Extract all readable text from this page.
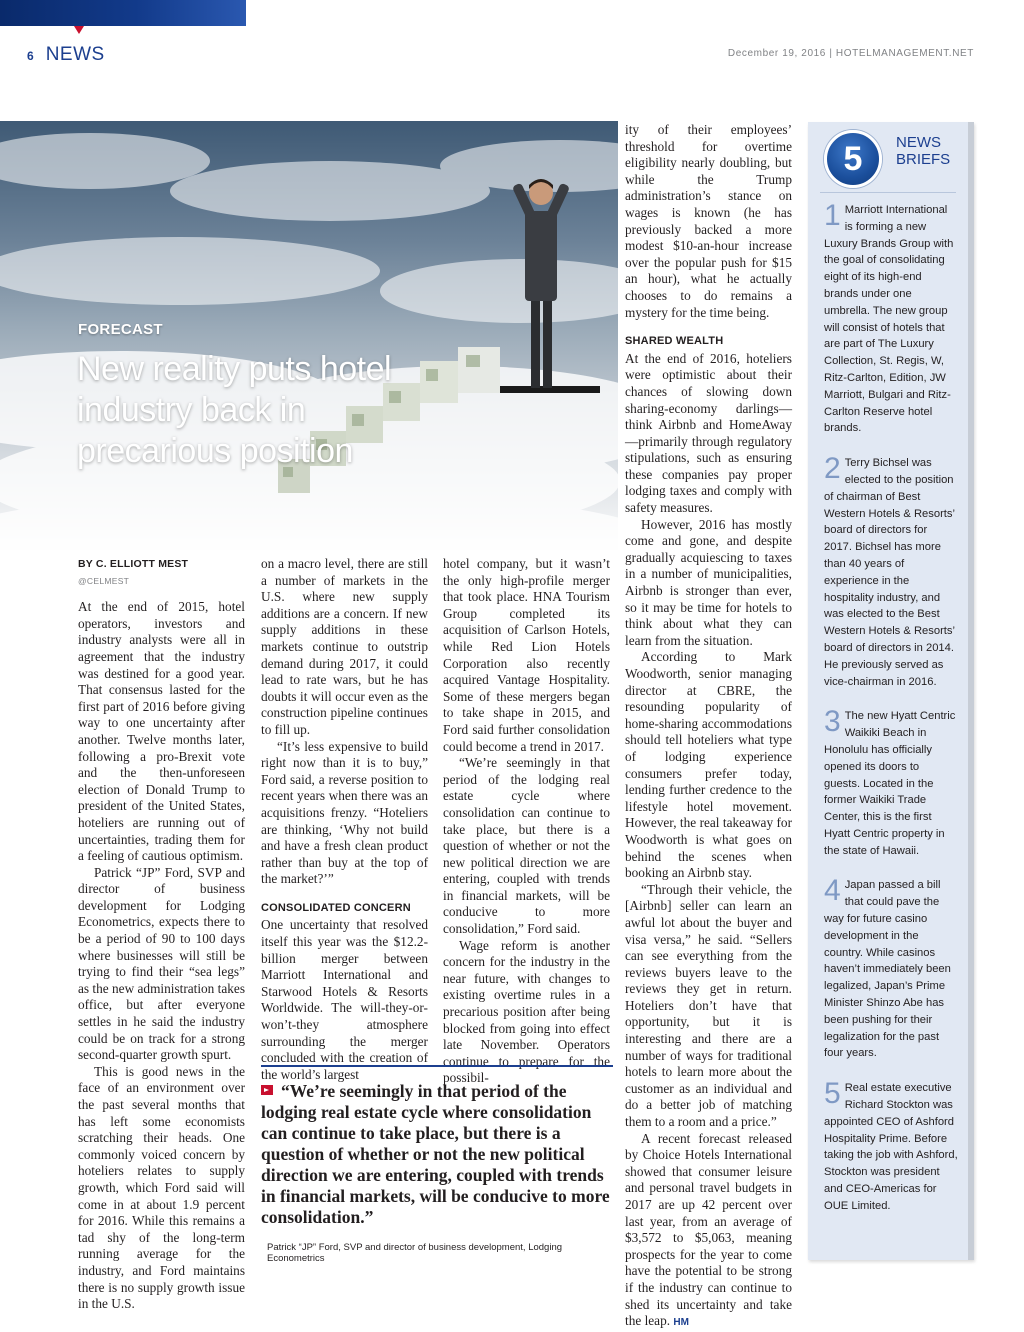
6 NEWS	December 19, 2016 | HOTELMANAGEMENT.NET
FORECAST
New reality puts hotel industry back in precarious position
BY C. ELLIOTT MEST
@CELMEST

At the end of 2015, hotel operators, investors and industry analysts were all in agreement that the industry was destined for a good year. That consensus lasted for the first part of 2016 before giving way to one uncertainty after another. Twelve months later, following a pro-Brexit vote and the then-unforeseen election of Donald Trump to president of the United States, hoteliers are running out of uncertainties, trading them for a feeling of cautious optimism.

Patrick “JP” Ford, SVP and director of business development for Lodging Econometrics, expects there to be a period of 90 to 100 days where businesses will still be trying to find their “sea legs” as the new administration takes office, but after everyone settles in he said the industry could be on track for a strong second-quarter growth spurt.

This is good news in the face of an environment over the past several months that has left some economists scratching their heads. One commonly voiced concern by hoteliers relates to supply growth, which Ford said will come in at about 1.9 percent for 2016. While this remains a tad shy of the long-term running average for the industry, and Ford maintains there is no supply growth issue in the U.S.

on a macro level, there are still a number of markets in the U.S. where new supply additions are a concern. If new supply additions in these markets continue to outstrip demand during 2017, it could lead to rate wars, but he has doubts it will occur even as the construction pipeline continues to fill up.

“It’s less expensive to build right now than it is to buy,” Ford said, a reverse position to recent years when there was an acquisitions frenzy. “Hoteliers are thinking, ‘Why not build and have a fresh clean product rather than buy at the top of the market?’”

CONSOLIDATED CONCERN

One uncertainty that resolved itself this year was the $12.2-billion merger between Marriott International and Starwood Hotels & Resorts Worldwide. The will-they-or-won’t-they atmosphere surrounding the merger concluded with the creation of the world’s largest

hotel company, but it wasn’t the only high-profile merger that took place. HNA Tourism Group completed its acquisition of Carlson Hotels, while Red Lion Hotels Corporation also recently acquired Vantage Hospitality. Some of these mergers began to take shape in 2015, and Ford said further consolidation could become a trend in 2017.

“We’re seemingly in that period of the lodging real estate cycle where consolidation can continue to take place, but there is a question of whether or not the new political direction we are entering, coupled with trends in financial markets, will be conducive to more consolidation,” Ford said.

Wage reform is another concern for the industry in the near future, with changes to existing overtime rules in a precarious position after being blocked from going into effect late November. Operators continue to prepare for the possibil-

ity of their employees’ threshold for overtime eligibility nearly doubling, but while the Trump administration’s stance on wages is known (he has previously backed a more modest $10-an-hour increase over the popular push for $15 an hour), what he actually chooses to do remains a mystery for the time being.

SHARED WEALTH

At the end of 2016, hoteliers were optimistic about their chances of slowing down sharing-economy darlings—think Airbnb and HomeAway—primarily through regulatory stipulations, such as ensuring these companies pay proper lodging taxes and comply with safety measures.

However, 2016 has mostly come and gone, and despite gradually acquiescing to taxes in a number of municipalities, Airbnb is stronger than ever, so it may be time for hotels to think about what they can learn from the situation.

According to Mark Woodworth, senior managing director at CBRE, the resounding popularity of home-sharing accommodations should tell hoteliers what type of lodging experience consumers prefer today, lending further credence to the lifestyle hotel movement. However, the real takeaway for Woodworth is what goes on behind the scenes when booking an Airbnb stay.

“Through their vehicle, the [Airbnb] seller can learn an awful lot about the buyer and visa versa,” he said. “Sellers can see everything from the reviews buyers leave to the reviews they get in return. Hoteliers don’t have that opportunity, but it is interesting and there are a number of ways for traditional hotels to learn more about the customer as an individual and do a better job of matching them to a room and a price.”

A recent forecast released by Choice Hotels International showed that consumer leisure and personal travel budgets in 2017 are up 42 percent over last year, from an average of $3,572 to $5,063, meaning prospects for the year to come have the potential to be strong if the industry can continue to shed its uncertainty and take the leap. HM

“We’re seemingly in that period of the lodging real estate cycle where consolidation can continue to take place, but there is a question of whether or not the new political direction we are entering, coupled with trends in financial markets, will be conducive to more consolidation.”
Patrick “JP” Ford, SVP and director of business development, Lodging Econometrics
5 NEWS
BRIEFS
1 Marriott International is forming a new Luxury Brands Group with the goal of consolidating eight of its high-end brands under one umbrella. The new group will consist of hotels that are part of The Luxury Collection, St. Regis, W, Ritz-Carlton, Edition, JW Marriott, Bulgari and Ritz-Carlton Reserve hotel brands.
2 Terry Bichsel was elected to the position of chairman of Best Western Hotels & Resorts’ board of directors for 2017. Bichsel has more than 40 years of experience in the hospitality industry, and was elected to the Best Western Hotels & Resorts’ board of directors in 2014. He previously served as vice-chairman in 2016.
3 The new Hyatt Centric Waikiki Beach in Honolulu has officially opened its doors to guests. Located in the former Waikiki Trade Center, this is the first Hyatt Centric property in the state of Hawaii.
4 Japan passed a bill that could pave the way for future casino development in the country. While casinos haven’t immediately been legalized, Japan’s Prime Minister Shinzo Abe has been pushing for their legalization for the past four years.
5 Real estate executive Richard Stockton was appointed CEO of Ashford Hospitality Prime. Before taking the job with Ashford, Stockton was president and CEO-Americas for OUE Limited.
